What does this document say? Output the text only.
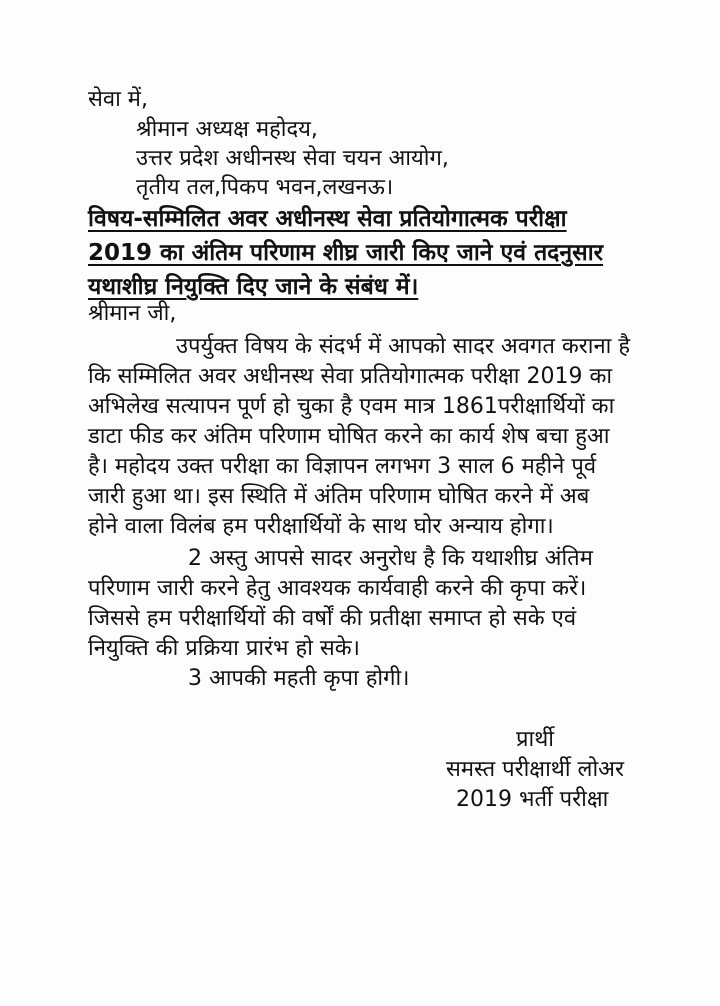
सेवा में,
श्रीमान अध्यक्ष महोदय,
उत्तर प्रदेश अधीनस्थ सेवा चयन आयोग,
तृतीय तल,पिकप भवन,लखनऊ।
विषय-सम्मिलित अवर अधीनस्थ सेवा प्रतियोगात्मक परीक्षा
2019 का अंतिम परिणाम शीघ्र जारी किए जाने एवं तदनुसार
यथाशीघ्र नियुक्ति दिए जाने के संबंध में।
श्रीमान जी,
उपर्युक्त विषय के संदर्भ में आपको सादर अवगत कराना है
कि सम्मिलित अवर अधीनस्थ सेवा प्रतियोगात्मक परीक्षा 2019 का
अभिलेख सत्यापन पूर्ण हो चुका है एवम मात्र 1861परीक्षार्थियों का
डाटा फीड कर अंतिम परिणाम घोषित करने का कार्य शेष बचा हुआ
है। महोदय उक्त परीक्षा का विज्ञापन लगभग 3 साल 6 महीने पूर्व
जारी हुआ था। इस स्थिति में अंतिम परिणाम घोषित करने में अब
होने वाला विलंब हम परीक्षार्थियों के साथ घोर अन्याय होगा।
2 अस्तु आपसे सादर अनुरोध है कि यथाशीघ्र अंतिम
परिणाम जारी करने हेतु आवश्यक कार्यवाही करने की कृपा करें।
जिससे हम परीक्षार्थियों की वर्षों की प्रतीक्षा समाप्त हो सके एवं
नियुक्ति की प्रक्रिया प्रारंभ हो सके।
3 आपकी महती कृपा होगी।
प्रार्थी
समस्त परीक्षार्थी लोअर
2019 भर्ती परीक्षा
